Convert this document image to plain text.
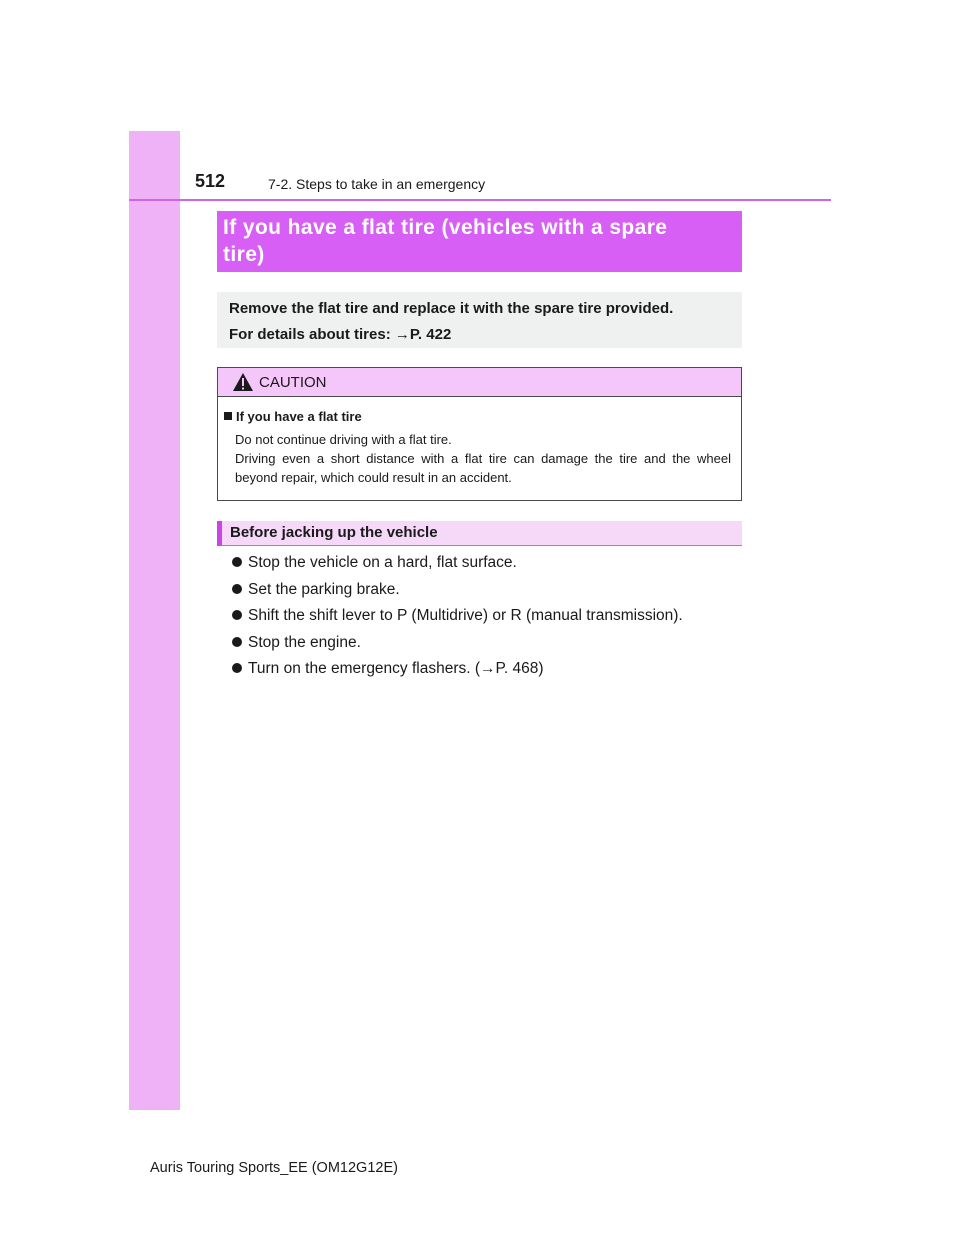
512	7-2. Steps to take in an emergency
If you have a flat tire (vehicles with a spare
tire)
Remove the flat tire and replace it with the spare tire provided.
For details about tires: →P. 422
CAUTION
If you have a flat tire

Do not continue driving with a flat tire.

Driving even a short distance with a flat tire can damage the tire and the wheel beyond repair, which could result in an accident.

Before jacking up the vehicle
Stop the vehicle on a hard, flat surface.
Set the parking brake.
Shift the shift lever to P (Multidrive) or R (manual transmission).
Stop the engine.
Turn on the emergency flashers. (→P. 468)
Auris Touring Sports_EE (OM12G12E)
